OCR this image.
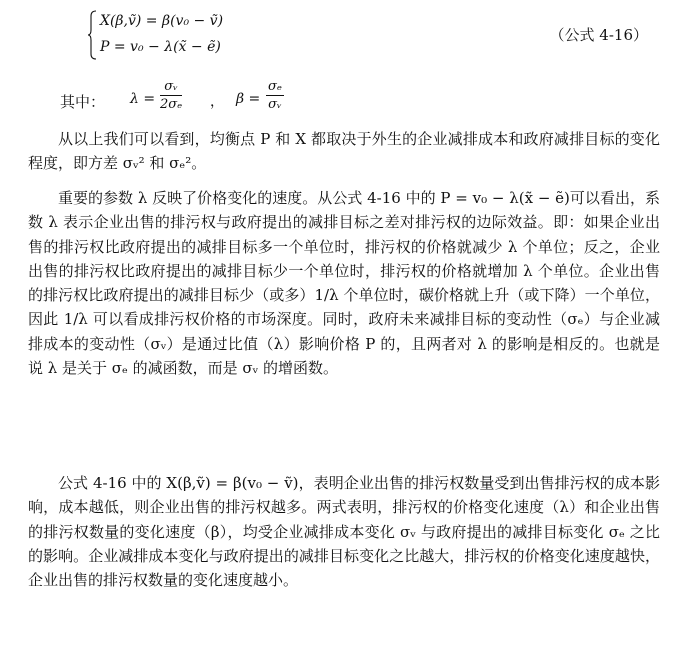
X(β,ṽ) = β(v₀ − ṽ)
P = v₀ − λ(x̃ − ẽ)
（公式 4-16）
其中： $\lambda = \frac{\text{σᵥ}}{\text{2σₑ}}$ ， $\beta = \frac{\text{σₑ}}{\text{σᵥ}}$

从以上我们可以看到，均衡点 P 和 X 都取决于外生的企业减排成本和政府减排目标的变化程度，即方差 σᵥ² 和 σₑ²。

重要的参数 λ 反映了价格变化的速度。从公式 4-16 中的 P = v₀ − λ(x̃ − ẽ)可以看出，系数 λ 表示企业出售的排污权与政府提出的减排目标之差对排污权的边际效益。即：如果企业出售的排污权比政府提出的减排目标多一个单位时，排污权的价格就减少 λ 个单位；反之，企业出售的排污权比政府提出的减排目标少一个单位时，排污权的价格就增加 λ 个单位。企业出售的排污权比政府提出的减排目标少（或多）1/λ 个单位时，碳价格就上升（或下降）一个单位，因此 1/λ 可以看成排污权价格的市场深度。同时，政府未来减排目标的变动性（σₑ）与企业减排成本的变动性（σᵥ）是通过比值（λ）影响价格 P 的，且两者对 λ 的影响是相反的。也就是说 λ 是关于 σₑ 的减函数，而是 σᵥ 的增函数。

公式 4-16 中的 X(β,ṽ) = β(v₀ − ṽ)，表明企业出售的排污权数量受到出售排污权的成本影响，成本越低，则企业出售的排污权越多。两式表明，排污权的价格变化速度（λ）和企业出售的排污权数量的变化速度（β），均受企业减排成本变化 σᵥ 与政府提出的减排目标变化 σₑ 之比的影响。企业减排成本变化与政府提出的减排目标变化之比越大，排污权的价格变化速度越快，企业出售的排污权数量的变化速度越小。
